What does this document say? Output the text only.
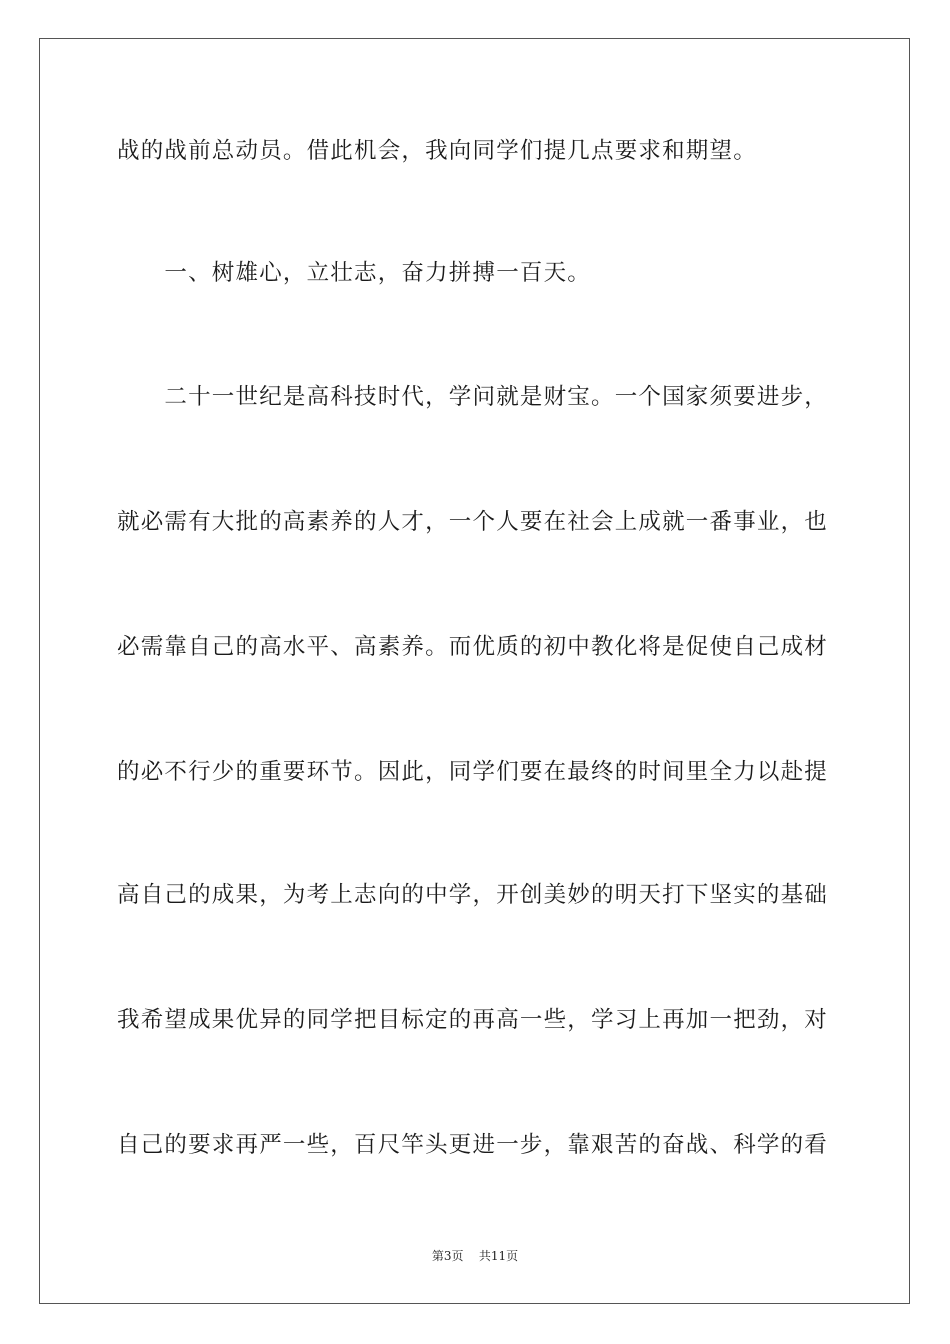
战的战前总动员。借此机会，我向同学们提几点要求和期望。
　　一、树雄心，立壮志，奋力拼搏一百天。
　　二十一世纪是高科技时代，学问就是财宝。一个国家须要进步，
就必需有大批的高素养的人才，一个人要在社会上成就一番事业，也
必需靠自己的高水平、高素养。而优质的初中教化将是促使自己成材
的必不行少的重要环节。因此，同学们要在最终的时间里全力以赴提
高自己的成果，为考上志向的中学，开创美妙的明天打下坚实的基础
我希望成果优异的同学把目标定的再高一些，学习上再加一把劲，对
自己的要求再严一些，百尺竿头更进一步，靠艰苦的奋战、科学的看
第3页 共11页
